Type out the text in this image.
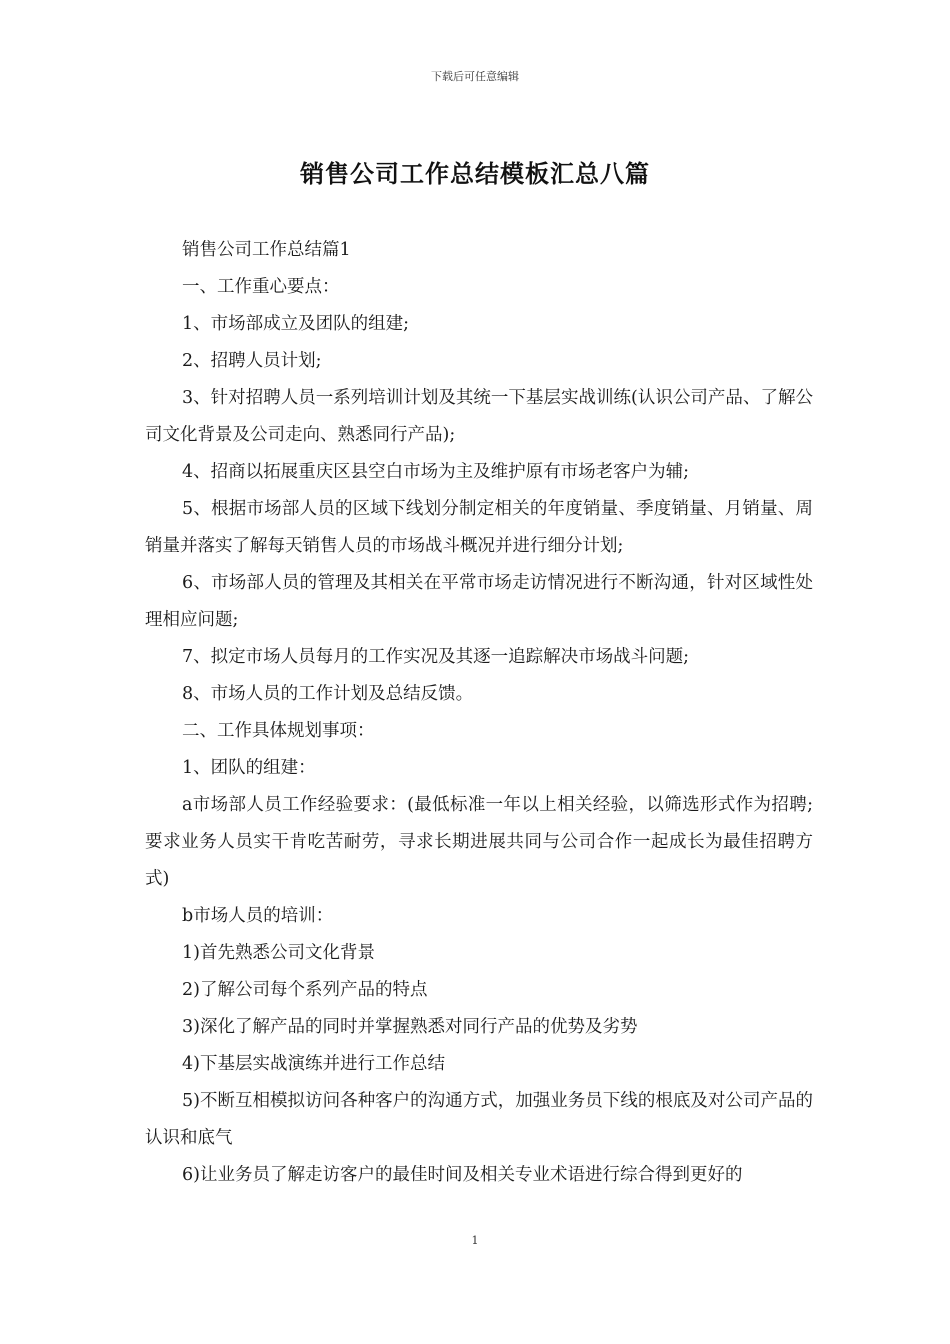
下载后可任意编辑
销售公司工作总结模板汇总八篇

销售公司工作总结篇1

一、工作重心要点：

1、市场部成立及团队的组建;

2、招聘人员计划;

3、针对招聘人员一系列培训计划及其统一下基层实战训练(认识公司产品、了解公司文化背景及公司走向、熟悉同行产品);

4、招商以拓展重庆区县空白市场为主及维护原有市场老客户为辅;

5、根据市场部人员的区域下线划分制定相关的年度销量、季度销量、月销量、周销量并落实了解每天销售人员的市场战斗概况并进行细分计划;

6、市场部人员的管理及其相关在平常市场走访情况进行不断沟通，针对区域性处理相应问题;

7、拟定市场人员每月的工作实况及其逐一追踪解决市场战斗问题;

8、市场人员的工作计划及总结反馈。

二、工作具体规划事项：

1、团队的组建：

a市场部人员工作经验要求：(最低标准一年以上相关经验，以筛选形式作为招聘;要求业务人员实干肯吃苦耐劳，寻求长期进展共同与公司合作一起成长为最佳招聘方式)

b市场人员的培训：

1)首先熟悉公司文化背景

2)了解公司每个系列产品的特点

3)深化了解产品的同时并掌握熟悉对同行产品的优势及劣势

4)下基层实战演练并进行工作总结

5)不断互相模拟访问各种客户的沟通方式，加强业务员下线的根底及对公司产品的认识和底气

6)让业务员了解走访客户的最佳时间及相关专业术语进行综合得到更好的

1
